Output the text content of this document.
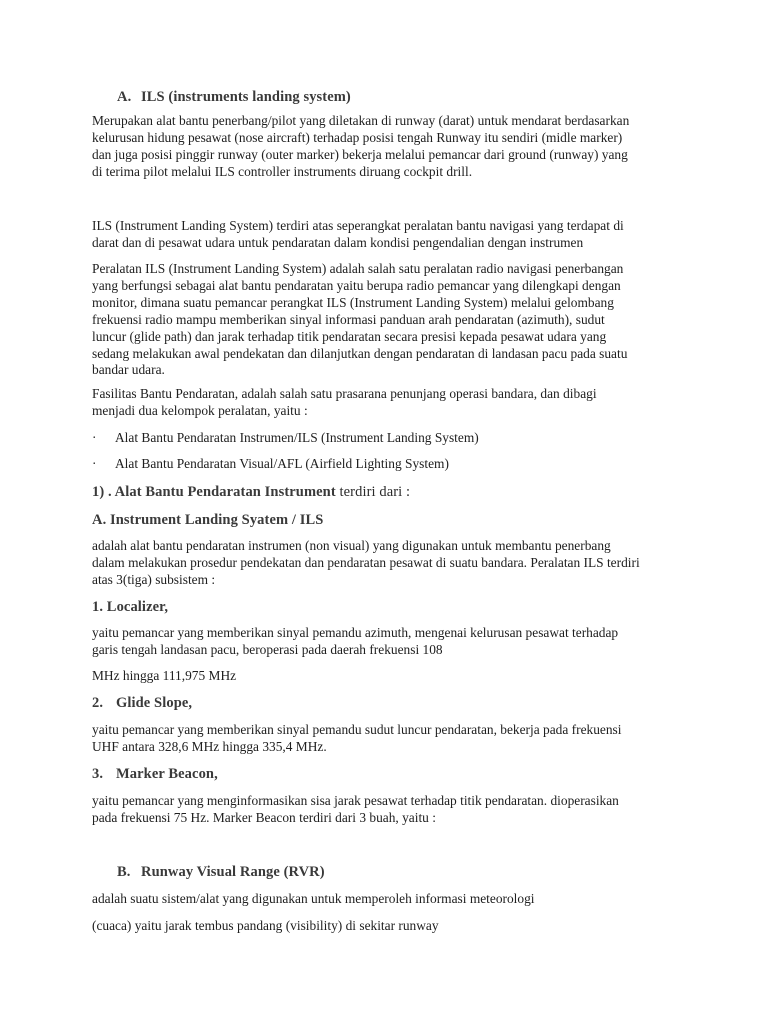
A. ILS (instruments landing system)
Merupakan alat bantu penerbang/pilot yang diletakan di runway (darat) untuk mendarat berdasarkan
kelurusan hidung pesawat (nose aircraft) terhadap posisi tengah Runway itu sendiri (midle marker)
dan juga posisi pinggir runway (outer marker) bekerja melalui pemancar dari ground (runway) yang
di terima pilot melalui ILS controller instruments diruang cockpit drill.
ILS (Instrument Landing System) terdiri atas seperangkat peralatan bantu navigasi yang terdapat di
darat dan di pesawat udara untuk pendaratan dalam kondisi pengendalian dengan instrumen
Peralatan ILS (Instrument Landing System) adalah salah satu peralatan radio navigasi penerbangan
yang berfungsi sebagai alat bantu pendaratan yaitu berupa radio pemancar yang dilengkapi dengan
monitor, dimana suatu pemancar perangkat ILS (Instrument Landing System) melalui gelombang
frekuensi radio mampu memberikan sinyal informasi panduan arah pendaratan (azimuth), sudut
luncur (glide path) dan jarak terhadap titik pendaratan secara presisi kepada pesawat udara yang
sedang melakukan awal pendekatan dan dilanjutkan dengan pendaratan di landasan pacu pada suatu
bandar udara.
Fasilitas Bantu Pendaratan, adalah salah satu prasarana penunjang operasi bandara, dan dibagi
menjadi dua kelompok peralatan, yaitu :
· Alat Bantu Pendaratan Instrumen/ILS (Instrument Landing System)
· Alat Bantu Pendaratan Visual/AFL (Airfield Lighting System)
1) . Alat Bantu Pendaratan Instrument terdiri dari :
A. Instrument Landing Syatem / ILS
adalah alat bantu pendaratan instrumen (non visual) yang digunakan untuk membantu penerbang
dalam melakukan prosedur pendekatan dan pendaratan pesawat di suatu bandara. Peralatan ILS terdiri
atas 3(tiga) subsistem :
1. Localizer,
yaitu pemancar yang memberikan sinyal pemandu azimuth, mengenai kelurusan pesawat terhadap
garis tengah landasan pacu, beroperasi pada daerah frekuensi 108
MHz hingga 111,975 MHz
2. Glide Slope,
yaitu pemancar yang memberikan sinyal pemandu sudut luncur pendaratan, bekerja pada frekuensi
UHF antara 328,6 MHz hingga 335,4 MHz.
3. Marker Beacon,
yaitu pemancar yang menginformasikan sisa jarak pesawat terhadap titik pendaratan. dioperasikan
pada frekuensi 75 Hz. Marker Beacon terdiri dari 3 buah, yaitu :
B. Runway Visual Range (RVR)
adalah suatu sistem/alat yang digunakan untuk memperoleh informasi meteorologi
(cuaca) yaitu jarak tembus pandang (visibility) di sekitar runway
